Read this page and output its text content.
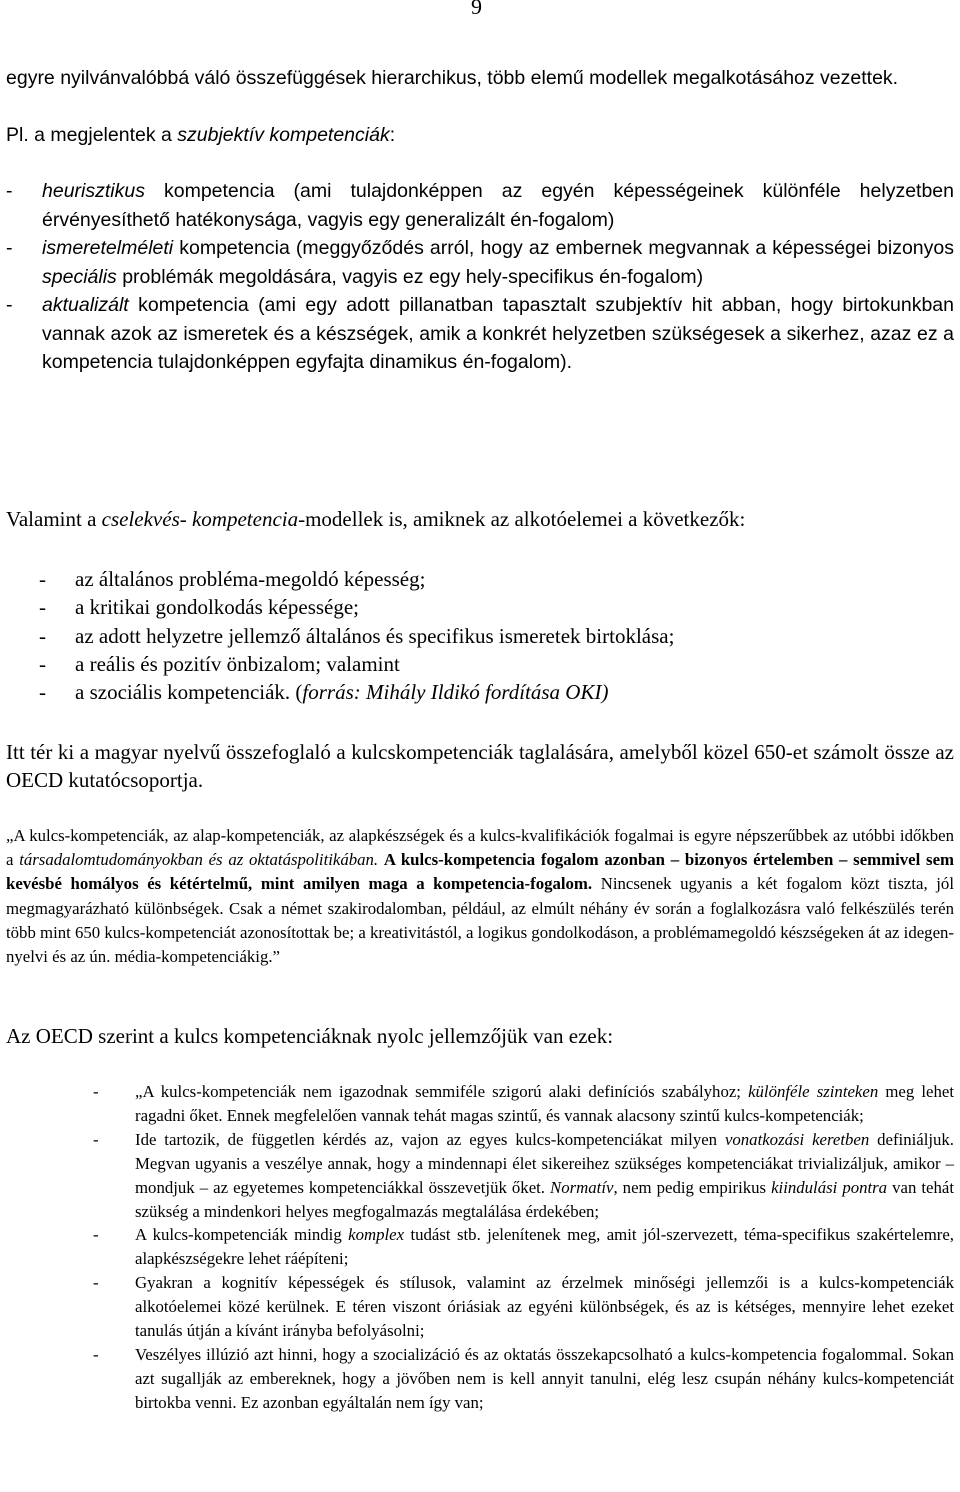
9

egyre nyilvánvalóbbá váló összefüggések hierarchikus, több elemű modellek megalkotásához vezettek.

Pl. a megjelentek a szubjektív kompetenciák:

- heurisztikus kompetencia (ami tulajdonképpen az egyén képességeinek különféle helyzetben érvényesíthető hatékonysága, vagyis egy generalizált én-fogalom)

- ismeretelméleti kompetencia (meggyőződés arról, hogy az embernek megvannak a képességei bizonyos speciális problémák megoldására, vagyis ez egy hely-specifikus én-fogalom)

- aktualizált kompetencia (ami egy adott pillanatban tapasztalt szubjektív hit abban, hogy birtokunkban vannak azok az ismeretek és a készségek, amik a konkrét helyzetben szükségesek a sikerhez, azaz ez a kompetencia tulajdonképpen egyfajta dinamikus én-fogalom).

Valamint a cselekvés- kompetencia-modellek is, amiknek az alkotóelemei a következők:

• - az általános probléma-megoldó képesség;
• - a kritikai gondolkodás képessége;
• - az adott helyzetre jellemző általános és specifikus ismeretek birtoklása;
• - a reális és pozitív önbizalom; valamint
• - a szociális kompetenciák. (forrás: Mihály Ildikó fordítása OKI)

Itt tér ki a magyar nyelvű összefoglaló a kulcskompetenciák taglalására, amelyből közel 650-et számolt össze az OECD kutatócsoportja.

„A kulcs-kompetenciák, az alap-kompetenciák, az alapkészségek és a kulcs-kvalifikációk fogalmai is egyre népszerűbbek az utóbbi időkben a társadalomtudományokban és az oktatáspolitikában. A kulcs-kompetencia fogalom azonban – bizonyos értelemben – semmivel sem kevésbé homályos és kétértelmű, mint amilyen maga a kompetencia-fogalom. Nincsenek ugyanis a két fogalom közt tiszta, jól megmagyarázható különbségek. Csak a német szakirodalomban, például, az elmúlt néhány év során a foglalkozásra való felkészülés terén több mint 650 kulcs-kompetenciát azonosítottak be; a kreativitástól, a logikus gondolkodáson, a problémamegoldó készségeken át az idegen-nyelvi és az ún. média-kompetenciákig.”

Az OECD szerint a kulcs kompetenciáknak nyolc jellemzőjük van ezek:

• - „A kulcs-kompetenciák nem igazodnak semmiféle szigorú alaki definíciós szabályhoz; különféle szinteken meg lehet ragadni őket. Ennek megfelelően vannak tehát magas szintű, és vannak alacsony szintű kulcs-kompetenciák;
• - Ide tartozik, de független kérdés az, vajon az egyes kulcs-kompetenciákat milyen vonatkozási keretben definiáljuk. Megvan ugyanis a veszélye annak, hogy a mindennapi élet sikereihez szükséges kompetenciákat trivializáljuk, amikor – mondjuk – az egyetemes kompetenciákkal összevetjük őket. Normatív, nem pedig empirikus kiindulási pontra van tehát szükség a mindenkori helyes megfogalmazás megtalálása érdekében;
• - A kulcs-kompetenciák mindig komplex tudást stb. jelenítenek meg, amit jól-szervezett, téma-specifikus szakértelemre, alapkészségekre lehet ráépíteni;
• - Gyakran a kognitív képességek és stílusok, valamint az érzelmek minőségi jellemzői is a kulcs-kompetenciák alkotóelemei közé kerülnek. E téren viszont óriásiak az egyéni különbségek, és az is kétséges, mennyire lehet ezeket tanulás útján a kívánt irányba befolyásolni;
• - Veszélyes illúzió azt hinni, hogy a szocializáció és az oktatás összekapcsolható a kulcs-kompetencia fogalommal. Sokan azt sugallják az embereknek, hogy a jövőben nem is kell annyit tanulni, elég lesz csupán néhány kulcs-kompetenciát birtokba venni. Ez azonban egyáltalán nem így van;
